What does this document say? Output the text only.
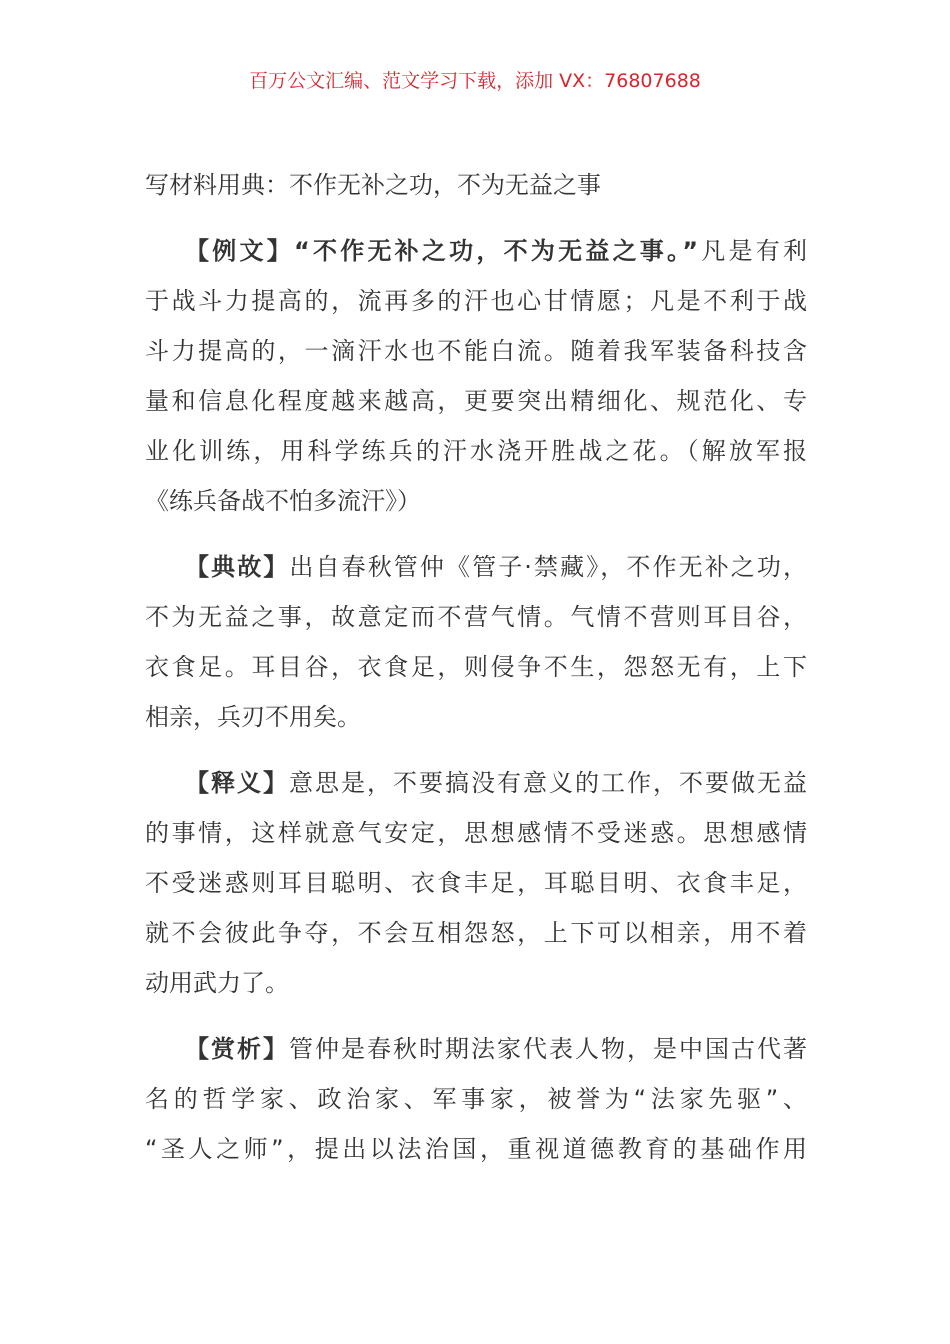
百万公文汇编、范文学习下载，添加 VX：76807688
写材料用典：不作无补之功，不为无益之事
【例文】“不作无补之功，不为无益之事。”凡是有利
于战斗力提高的，流再多的汗也心甘情愿；凡是不利于战
斗力提高的，一滴汗水也不能白流。随着我军装备科技含
量和信息化程度越来越高，更要突出精细化、规范化、专
业化训练，用科学练兵的汗水浇开胜战之花。（解放军报
《练兵备战不怕多流汗》）
【典故】出自春秋管仲《管子·禁藏》，不作无补之功，
不为无益之事，故意定而不营气情。气情不营则耳目谷，
衣食足。耳目谷，衣食足，则侵争不生，怨怒无有，上下
相亲，兵刃不用矣。
【释义】意思是，不要搞没有意义的工作，不要做无益
的事情，这样就意气安定，思想感情不受迷惑。思想感情
不受迷惑则耳目聪明、衣食丰足，耳聪目明、衣食丰足，
就不会彼此争夺，不会互相怨怒，上下可以相亲，用不着
动用武力了。
【赏析】管仲是春秋时期法家代表人物，是中国古代著
名的哲学家、政治家、军事家，被誉为“法家先驱”、
“圣人之师”，提出以法治国，重视道德教育的基础作用
